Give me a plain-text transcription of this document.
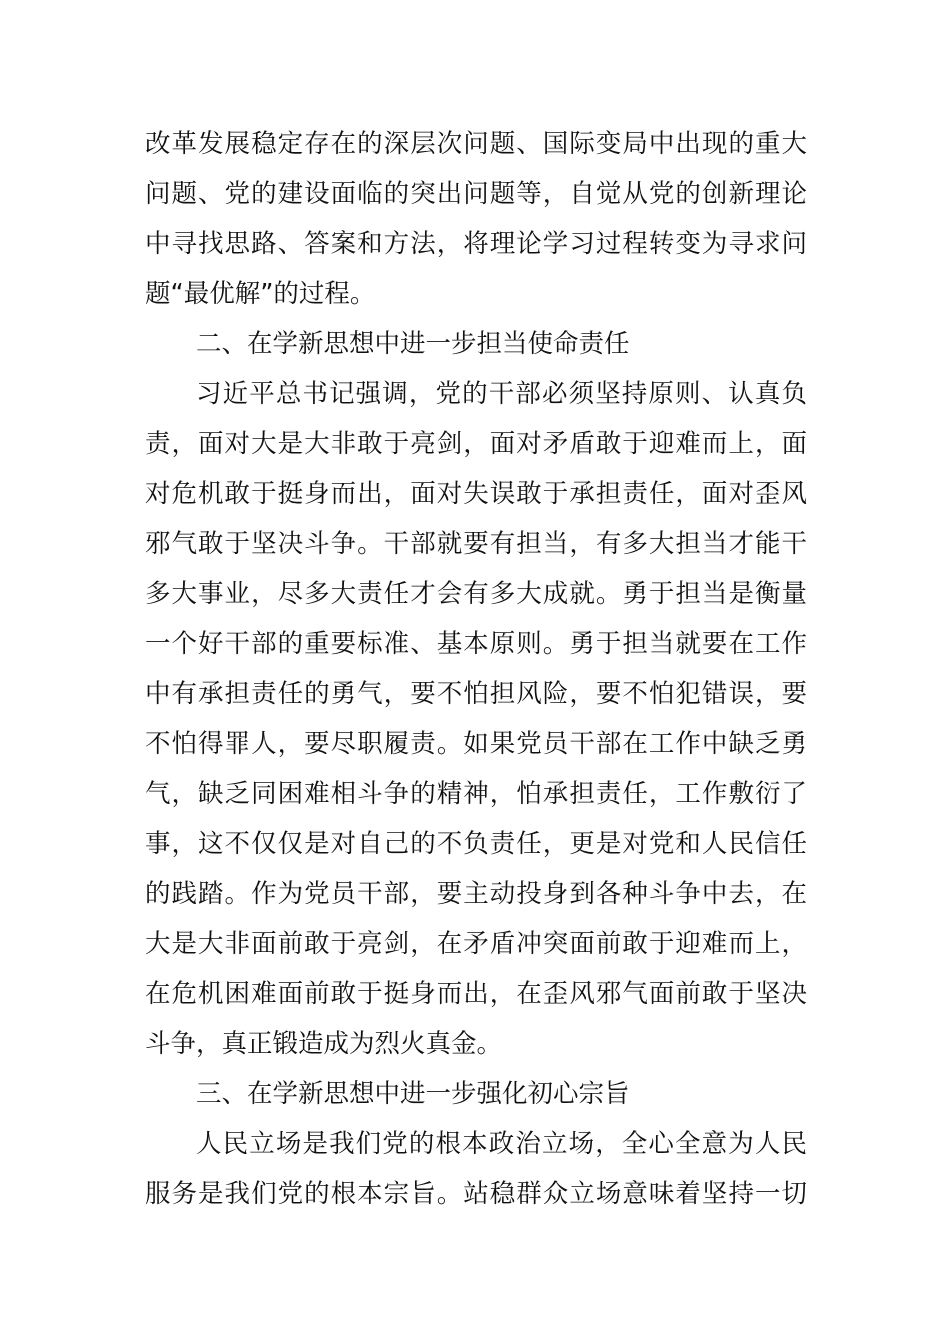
改革发展稳定存在的深层次问题、国际变局中出现的重大
问题、党的建设面临的突出问题等，自觉从党的创新理论
中寻找思路、答案和方法，将理论学习过程转变为寻求问
题“最优解”的过程。
二、在学新思想中进一步担当使命责任
习近平总书记强调，党的干部必须坚持原则、认真负
责，面对大是大非敢于亮剑，面对矛盾敢于迎难而上，面
对危机敢于挺身而出，面对失误敢于承担责任，面对歪风
邪气敢于坚决斗争。干部就要有担当，有多大担当才能干
多大事业，尽多大责任才会有多大成就。勇于担当是衡量
一个好干部的重要标准、基本原则。勇于担当就要在工作
中有承担责任的勇气，要不怕担风险，要不怕犯错误，要
不怕得罪人，要尽职履责。如果党员干部在工作中缺乏勇
气，缺乏同困难相斗争的精神，怕承担责任，工作敷衍了
事，这不仅仅是对自己的不负责任，更是对党和人民信任
的践踏。作为党员干部，要主动投身到各种斗争中去，在
大是大非面前敢于亮剑，在矛盾冲突面前敢于迎难而上，
在危机困难面前敢于挺身而出，在歪风邪气面前敢于坚决
斗争，真正锻造成为烈火真金。
三、在学新思想中进一步强化初心宗旨
人民立场是我们党的根本政治立场，全心全意为人民
服务是我们党的根本宗旨。站稳群众立场意味着坚持一切
